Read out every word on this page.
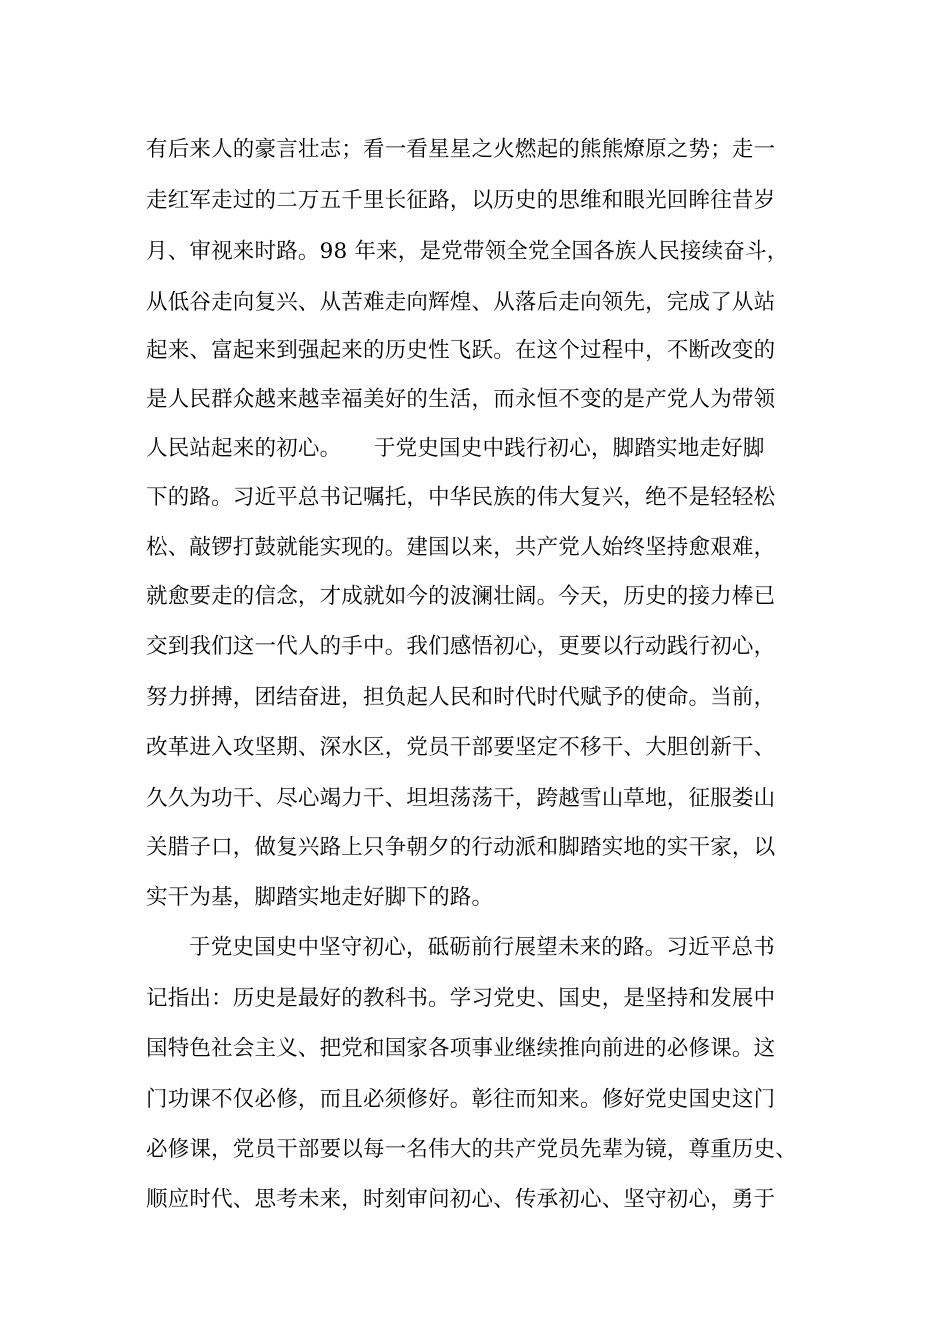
有后来人的豪言壮志；看一看星星之火燃起的熊熊燎原之势；走一
走红军走过的二万五千里长征路，以历史的思维和眼光回眸往昔岁
月、审视来时路。98 年来，是党带领全党全国各族人民接续奋斗，
从低谷走向复兴、从苦难走向辉煌、从落后走向领先，完成了从站
起来、富起来到强起来的历史性飞跃。在这个过程中，不断改变的
是人民群众越来越幸福美好的生活，而永恒不变的是产党人为带领
人民站起来的初心。　　于党史国史中践行初心，脚踏实地走好脚
下的路。习近平总书记嘱托，中华民族的伟大复兴，绝不是轻轻松
松、敲锣打鼓就能实现的。建国以来，共产党人始终坚持愈艰难，
就愈要走的信念，才成就如今的波澜壮阔。今天，历史的接力棒已
交到我们这一代人的手中。我们感悟初心，更要以行动践行初心，
努力拼搏，团结奋进，担负起人民和时代时代赋予的使命。当前，
改革进入攻坚期、深水区，党员干部要坚定不移干、大胆创新干、
久久为功干、尽心竭力干、坦坦荡荡干，跨越雪山草地，征服娄山
关腊子口，做复兴路上只争朝夕的行动派和脚踏实地的实干家，以
实干为基，脚踏实地走好脚下的路。
于党史国史中坚守初心，砥砺前行展望未来的路。习近平总书
记指出：历史是最好的教科书。学习党史、国史，是坚持和发展中
国特色社会主义、把党和国家各项事业继续推向前进的必修课。这
门功课不仅必修，而且必须修好。彰往而知来。修好党史国史这门
必修课，党员干部要以每一名伟大的共产党员先辈为镜，尊重历史、
顺应时代、思考未来，时刻审问初心、传承初心、坚守初心，勇于
